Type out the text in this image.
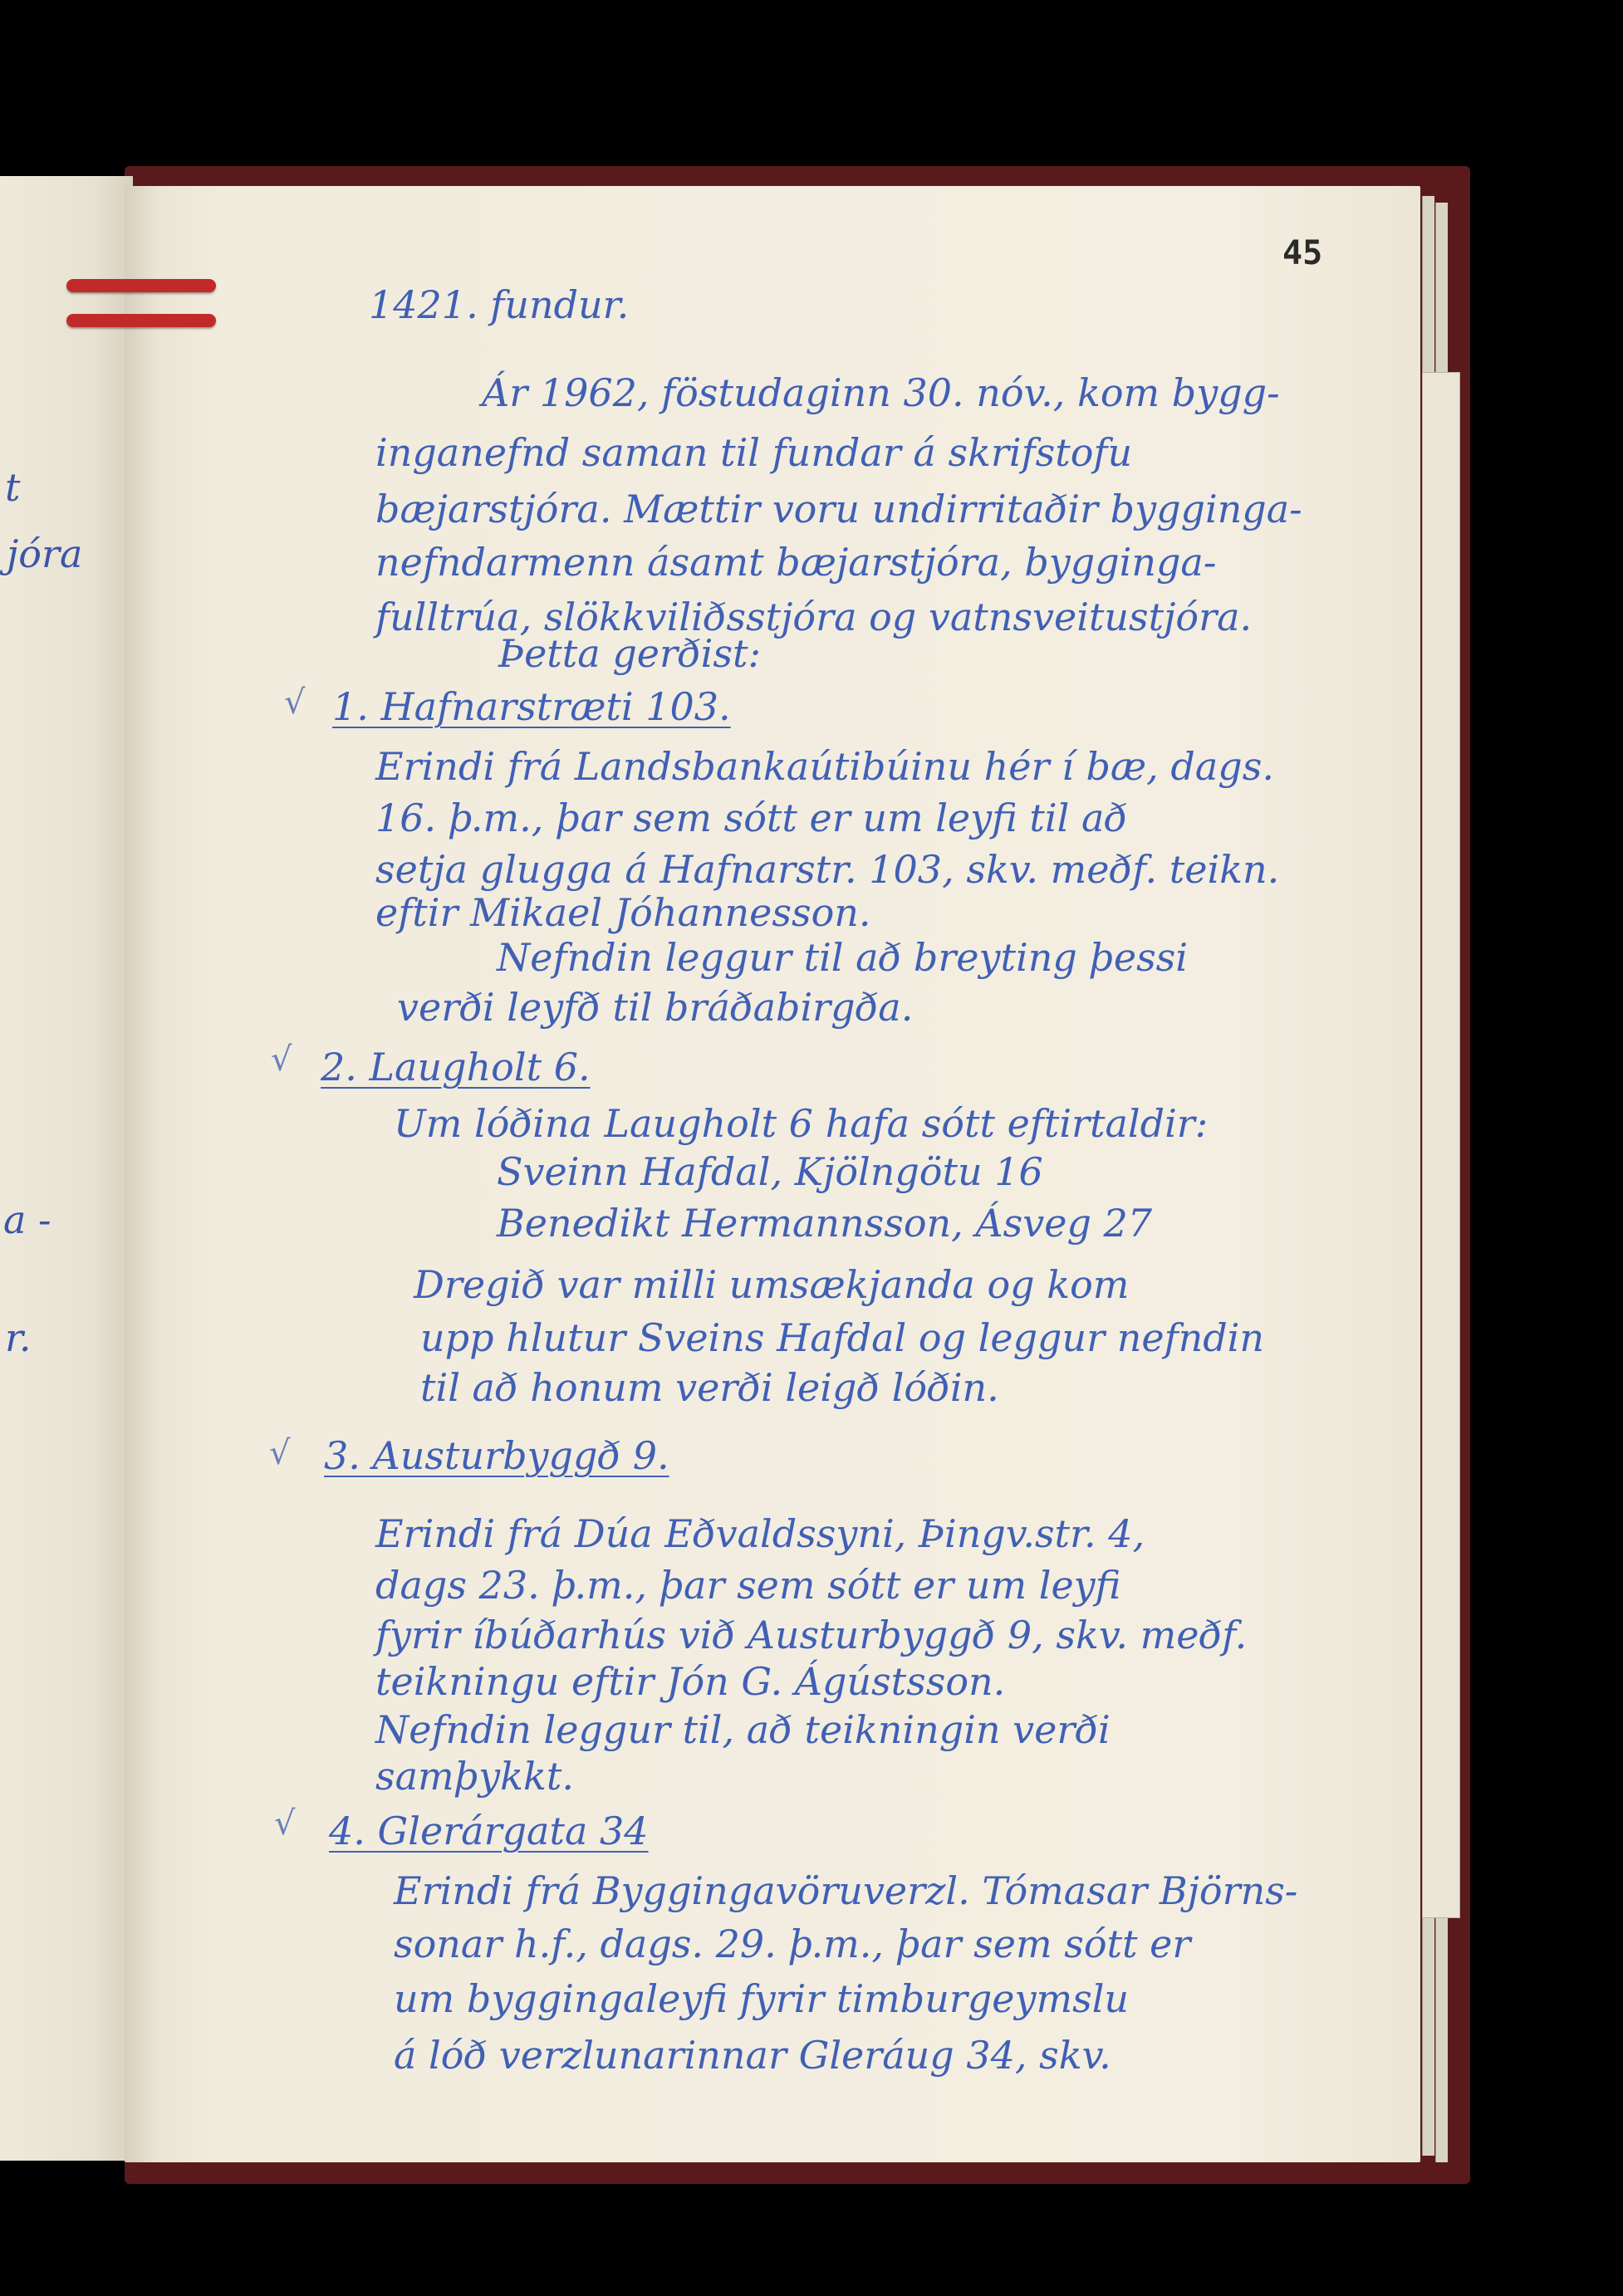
t
jóra
a -
r.
45
1421. fundur.
Ár 1962, föstudaginn 30. nóv., kom bygg-
inganefnd saman til fundar á skrifstofu
bæjarstjóra. Mættir voru undirritaðir bygginga-
nefndarmenn ásamt bæjarstjóra, bygginga-
fulltrúa, slökkviliðsstjóra og vatnsveitustjóra.
Þetta gerðist:
√ 1. Hafnarstræti 103.
Erindi frá Landsbankaútibúinu hér í bæ, dags.
16. þ.m., þar sem sótt er um leyfi til að
setja glugga á Hafnarstr. 103, skv. meðf. teikn.
eftir Mikael Jóhannesson.
Nefndin leggur til að breyting þessi
verði leyfð til bráðabirgða.
√ 2. Laugholt 6.
Um lóðina Laugholt 6 hafa sótt eftirtaldir:
Sveinn Hafdal, Kjölngötu 16
Benedikt Hermannsson, Ásveg 27
Dregið var milli umsækjanda og kom
upp hlutur Sveins Hafdal og leggur nefndin
til að honum verði leigð lóðin.
√ 3. Austurbyggð 9.
Erindi frá Dúa Eðvaldssyni, Þingv.str. 4,
dags 23. þ.m., þar sem sótt er um leyfi
fyrir íbúðarhús við Austurbyggð 9, skv. meðf.
teikningu eftir Jón G. Ágústsson.
Nefndin leggur til, að teikningin verði
samþykkt.
√ 4. Glerárgata 34
Erindi frá Byggingavöruverzl. Tómasar Björns-
sonar h.f., dags. 29. þ.m., þar sem sótt er
um byggingaleyfi fyrir timburgeymslu
á lóð verzlunarinnar Gleráug 34, skv.
